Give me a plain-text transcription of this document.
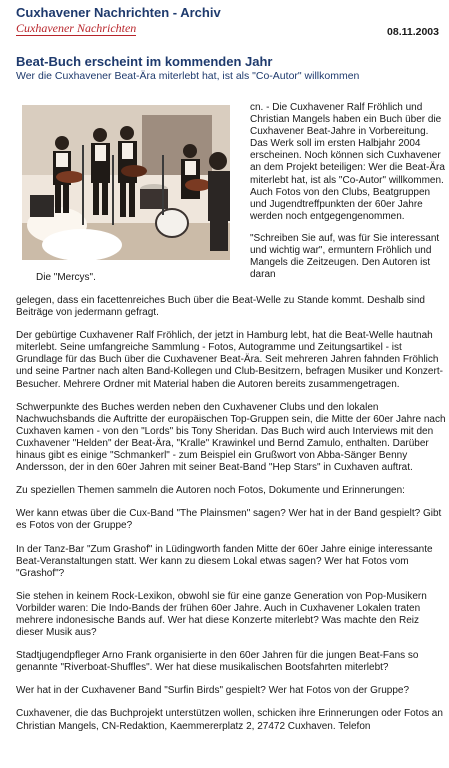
Cuxhavener Nachrichten - Archiv
Cuxhavener Nachrichten	08.11.2003
Beat-Buch erscheint im kommenden Jahr
Wer die Cuxhavener Beat-Ära miterlebt hat, ist als "Co-Autor" willkommen
Die "Mercys".

cn. - Die Cuxhavener Ralf Fröhlich und Christian Mangels haben ein Buch über die Cuxhavener Beat-Jahre in Vorbereitung. Das Werk soll im ersten Halbjahr 2004 erscheinen. Noch können sich Cuxhavener an dem Projekt beteiligen: Wer die Beat-Ära miterlebt hat, ist als "Co-Autor" willkommen. Auch Fotos von den Clubs, Beatgruppen und Jugendtreffpunkten der 60er Jahre werden noch entgegengenommen.

"Schreiben Sie auf, was für Sie interessant und wichtig war", ermuntern Fröhlich und Mangels die Zeitzeugen. Den Autoren ist daran

gelegen, dass ein facettenreiches Buch über die Beat-Welle zu Stande kommt. Deshalb sind Beiträge von jedermann gefragt.

Der gebürtige Cuxhavener Ralf Fröhlich, der jetzt in Hamburg lebt, hat die Beat-Welle hautnah miterlebt. Seine umfangreiche Sammlung - Fotos, Autogramme und Zeitungsartikel - ist Grundlage für das Buch über die Cuxhavener Beat-Ära. Seit mehreren Jahren fahnden Fröhlich und seine Partner nach alten Band-Kollegen und Club-Besitzern, befragen Musiker und Konzert-Besucher. Mehrere Ordner mit Material haben die Autoren bereits zusammengetragen.

Schwerpunkte des Buches werden neben den Cuxhavener Clubs und den lokalen Nachwuchsbands die Auftritte der europäischen Top-Gruppen sein, die Mitte der 60er Jahre nach Cuxhaven kamen - von den "Lords" bis Tony Sheridan. Das Buch wird auch Interviews mit den Cuxhavener "Helden" der Beat-Ära, "Kralle" Krawinkel und Bernd Zamulo, enthalten. Darüber hinaus gibt es einige "Schmankerl" - zum Beispiel ein Grußwort von Abba-Sänger Benny Andersson, der in den 60er Jahren mit seiner Beat-Band "Hep Stars" in Cuxhaven auftrat.

Zu speziellen Themen sammeln die Autoren noch Fotos, Dokumente und Erinnerungen:

Wer kann etwas über die Cux-Band "The Plainsmen" sagen? Wer hat in der Band gespielt? Gibt es Fotos von der Gruppe?

In der Tanz-Bar "Zum Grashof" in Lüdingworth fanden Mitte der 60er Jahre einige interessante Beat-Veranstaltungen statt. Wer kann zu diesem Lokal etwas sagen? Wer hat Fotos vom "Grashof"?

Sie stehen in keinem Rock-Lexikon, obwohl sie für eine ganze Generation von Pop-Musikern Vorbilder waren: Die Indo-Bands der frühen 60er Jahre. Auch in Cuxhavener Lokalen traten mehrere indonesische Bands auf. Wer hat diese Konzerte miterlebt? Was machte den Reiz dieser Musik aus?

Stadtjugendpfleger Arno Frank organisierte in den 60er Jahren für die jungen Beat-Fans so genannte "Riverboat-Shuffles". Wer hat diese musikalischen Bootsfahrten miterlebt?

Wer hat in der Cuxhavener Band "Surfin Birds" gespielt? Wer hat Fotos von der Gruppe?

Cuxhavener, die das Buchprojekt unterstützen wollen, schicken ihre Erinnerungen oder Fotos an Christian Mangels, CN-Redaktion, Kaemmererplatz 2, 27472 Cuxhaven. Telefon
